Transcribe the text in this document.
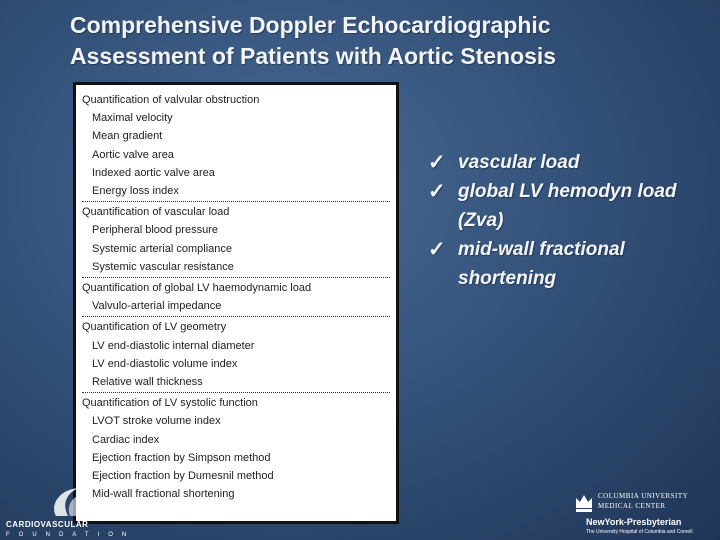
Comprehensive Doppler Echocardiographic
Assessment of Patients with Aortic Stenosis
Quantification of valvular obstruction
Maximal velocity
Mean gradient
Aortic valve area
Indexed aortic valve area
Energy loss index
Quantification of vascular load
Peripheral blood pressure
Systemic arterial compliance
Systemic vascular resistance
Quantification of global LV haemodynamic load
Valvulo-arterial impedance
Quantification of LV geometry
LV end-diastolic internal diameter
LV end-diastolic volume index
Relative wall thickness
Quantification of LV systolic function
LVOT stroke volume index
Cardiac index
Ejection fraction by Simpson method
Ejection fraction by Dumesnil method
Mid-wall fractional shortening
✓ vascular load
✓ global LV hemodyn load (Zva)
✓ mid-wall fractional shortening
CARDIOVASCULAR
FOUNDATION
COLUMBIA UNIVERSITY
MEDICAL CENTER
NewYork-Presbyterian
The University Hospital of Columbia and Cornell
